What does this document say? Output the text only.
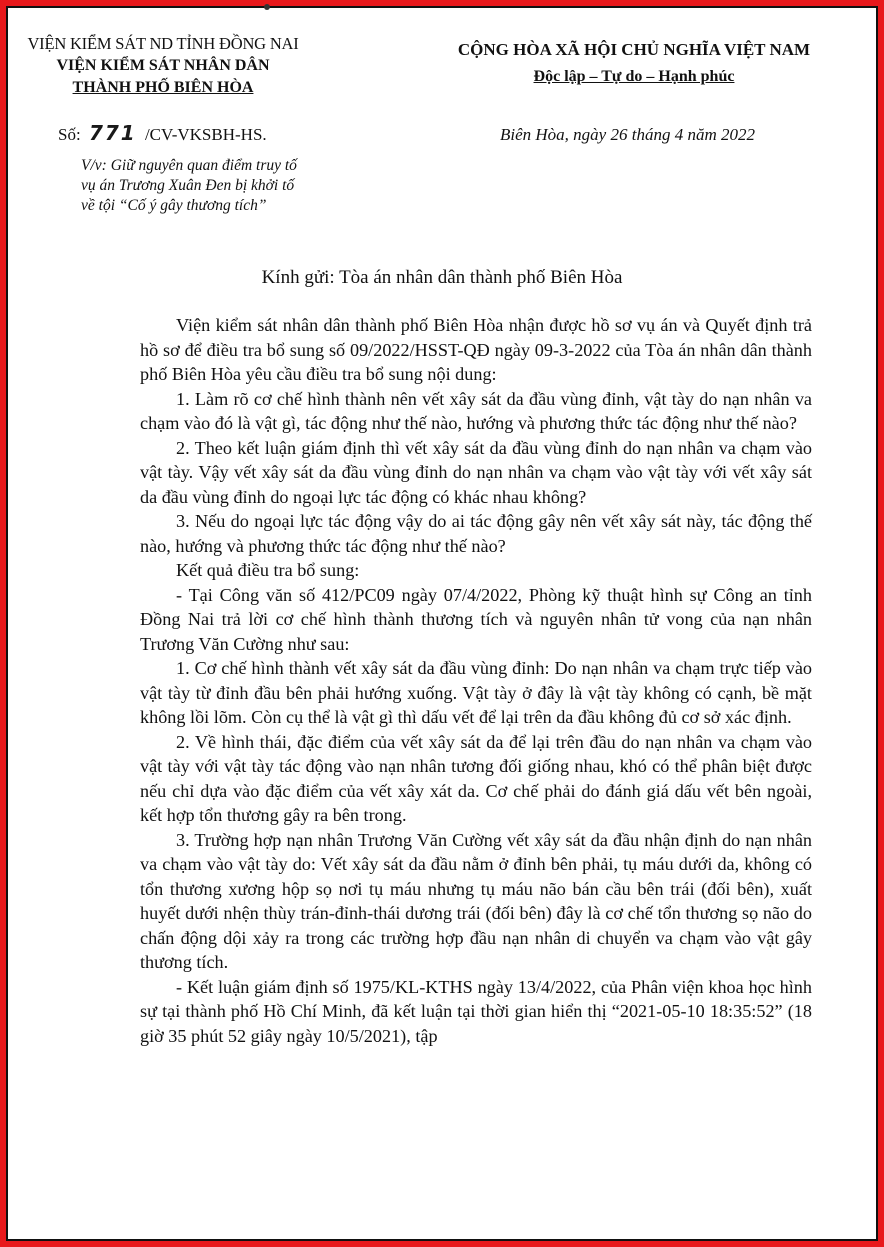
VIỆN KIỂM SÁT ND TỈNH ĐỒNG NAI
VIỆN KIỂM SÁT NHÂN DÂN
THÀNH PHỐ BIÊN HÒA
CỘNG HÒA XÃ HỘI CHỦ NGHĨA VIỆT NAM
Độc lập – Tự do – Hạnh phúc
Số: 771 /CV-VKSBH-HS.	Biên Hòa, ngày 26 tháng 4 năm 2022
V/v: Giữ nguyên quan điểm truy tố
vụ án Trương Xuân Đen bị khởi tố
về tội “Cố ý gây thương tích”
Kính gửi: Tòa án nhân dân thành phố Biên Hòa

Viện kiểm sát nhân dân thành phố Biên Hòa nhận được hồ sơ vụ án và Quyết định trả hồ sơ để điều tra bổ sung số 09/2022/HSST-QĐ ngày 09-3-2022 của Tòa án nhân dân thành phố Biên Hòa yêu cầu điều tra bổ sung nội dung:

1. Làm rõ cơ chế hình thành nên vết xây sát da đầu vùng đỉnh, vật tày do nạn nhân va chạm vào đó là vật gì, tác động như thế nào, hướng và phương thức tác động như thế nào?

2. Theo kết luận giám định thì vết xây sát da đầu vùng đỉnh do nạn nhân va chạm vào vật tày. Vậy vết xây sát da đầu vùng đỉnh do nạn nhân va chạm vào vật tày với vết xây sát da đầu vùng đỉnh do ngoại lực tác động có khác nhau không?

3. Nếu do ngoại lực tác động vậy do ai tác động gây nên vết xây sát này, tác động thế nào, hướng và phương thức tác động như thế nào?

Kết quả điều tra bổ sung:

- Tại Công văn số 412/PC09 ngày 07/4/2022, Phòng kỹ thuật hình sự Công an tỉnh Đồng Nai trả lời cơ chế hình thành thương tích và nguyên nhân tử vong của nạn nhân Trương Văn Cường như sau:

1. Cơ chế hình thành vết xây sát da đầu vùng đỉnh: Do nạn nhân va chạm trực tiếp vào vật tày từ đỉnh đầu bên phải hướng xuống. Vật tày ở đây là vật tày không có cạnh, bề mặt không lồi lõm. Còn cụ thể là vật gì thì dấu vết để lại trên da đầu không đủ cơ sở xác định.

2. Về hình thái, đặc điểm của vết xây sát da để lại trên đầu do nạn nhân va chạm vào vật tày với vật tày tác động vào nạn nhân tương đối giống nhau, khó có thể phân biệt được nếu chỉ dựa vào đặc điểm của vết xây xát da. Cơ chế phải do đánh giá dấu vết bên ngoài, kết hợp tổn thương gây ra bên trong.

3. Trường hợp nạn nhân Trương Văn Cường vết xây sát da đầu nhận định do nạn nhân va chạm vào vật tày do: Vết xây sát da đầu nằm ở đỉnh bên phải, tụ máu dưới da, không có tổn thương xương hộp sọ nơi tụ máu nhưng tụ máu não bán cầu bên trái (đối bên), xuất huyết dưới nhện thùy trán-đỉnh-thái dương trái (đối bên) đây là cơ chế tổn thương sọ não do chấn động dội xảy ra trong các trường hợp đầu nạn nhân di chuyển va chạm vào vật gây thương tích.

- Kết luận giám định số 1975/KL-KTHS ngày 13/4/2022, của Phân viện khoa học hình sự tại thành phố Hồ Chí Minh, đã kết luận tại thời gian hiển thị “2021-05-10 18:35:52” (18 giờ 35 phút 52 giây ngày 10/5/2021), tập
